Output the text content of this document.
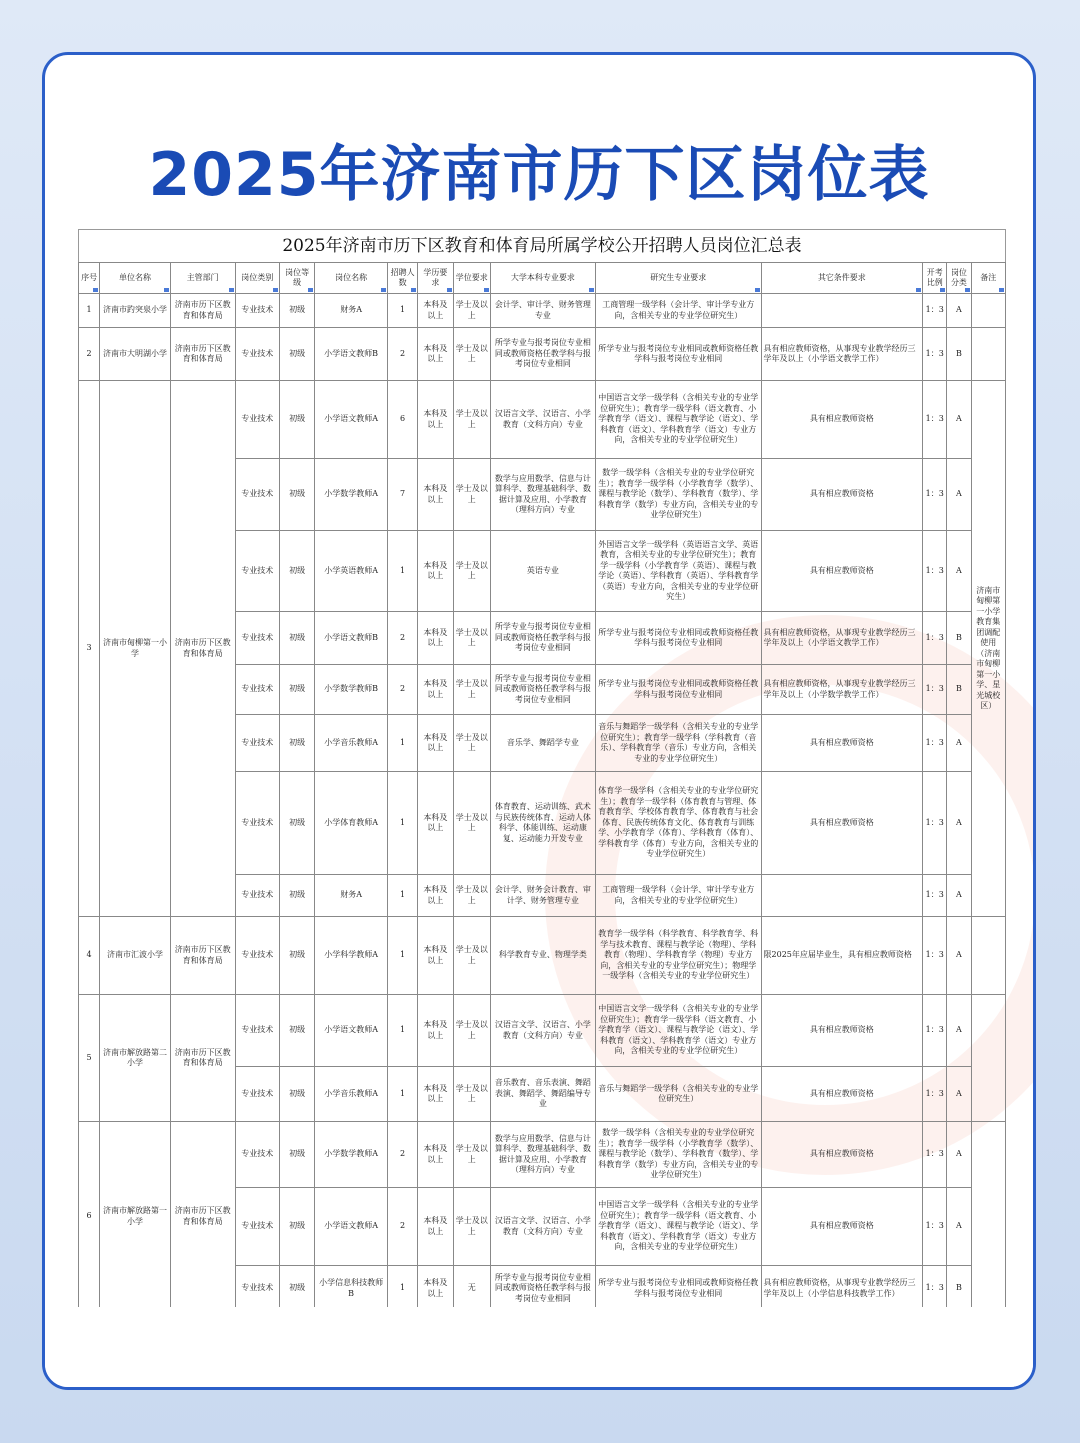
2025年济南市历下区岗位表
2025年济南市历下区教育和体育局所属学校公开招聘人员岗位汇总表
序号	单位名称	主管部门	岗位类别	岗位等级	岗位名称	招聘人数	学历要求	学位要求	大学本科专业要求	研究生专业要求	其它条件要求	开考比例	岗位分类	备注

1	济南市趵突泉小学	济南市历下区教育和体育局	专业技术	初级	财务A	1	本科及以上	学士及以上	会计学、审计学、财务管理专业	工商管理一级学科（会计学、审计学专业方向，含相关专业的专业学位研究生）		1：3	A	
2	济南市大明湖小学	济南市历下区教育和体育局	专业技术	初级	小学语文教师B	2	本科及以上	学士及以上	所学专业与报考岗位专业相同或教师资格任教学科与报考岗位专业相同	所学专业与报考岗位专业相同或教师资格任教学科与报考岗位专业相同	具有相应教师资格，从事现专业教学经历三学年及以上（小学语文教学工作）	1：3	B	
3	济南市甸柳第一小学	济南市历下区教育和体育局	专业技术	初级	小学语文教师A	6	本科及以上	学士及以上	汉语言文学、汉语言、小学教育（文科方向）专业	中国语言文学一级学科（含相关专业的专业学位研究生）；教育学一级学科（语文教育、小学教育学（语文）、课程与教学论（语文）、学科教育（语文）、学科教育学（语文）专业方向，含相关专业的专业学位研究生）	具有相应教师资格	1：3	A	济南市甸柳第一小学教育集团调配使用（济南市甸柳第一小学、星光城校区）
			专业技术	初级	小学数学教师A	7	本科及以上	学士及以上	数学与应用数学、信息与计算科学、数理基础科学、数据计算及应用、小学教育（理科方向）专业	数学一级学科（含相关专业的专业学位研究生）；教育学一级学科（小学教育学（数学）、课程与教学论（数学）、学科教育（数学）、学科教育学（数学）专业方向，含相关专业的专业学位研究生）	具有相应教师资格	1：3	A	
			专业技术	初级	小学英语教师A	1	本科及以上	学士及以上	英语专业	外国语言文学一级学科（英语语言文学、英语教育，含相关专业的专业学位研究生）；教育学一级学科（小学教育学（英语）、课程与教学论（英语）、学科教育（英语）、学科教育学（英语）专业方向，含相关专业的专业学位研究生）	具有相应教师资格	1：3	A	
			专业技术	初级	小学语文教师B	2	本科及以上	学士及以上	所学专业与报考岗位专业相同或教师资格任教学科与报考岗位专业相同	所学专业与报考岗位专业相同或教师资格任教学科与报考岗位专业相同	具有相应教师资格，从事现专业教学经历三学年及以上（小学语文教学工作）	1：3	B	
			专业技术	初级	小学数学教师B	2	本科及以上	学士及以上	所学专业与报考岗位专业相同或教师资格任教学科与报考岗位专业相同	所学专业与报考岗位专业相同或教师资格任教学科与报考岗位专业相同	具有相应教师资格，从事现专业教学经历三学年及以上（小学数学教学工作）	1：3	B	
			专业技术	初级	小学音乐教师A	1	本科及以上	学士及以上	音乐学、舞蹈学专业	音乐与舞蹈学一级学科（含相关专业的专业学位研究生）；教育学一级学科（学科教育（音乐）、学科教育学（音乐）专业方向，含相关专业的专业学位研究生）	具有相应教师资格	1：3	A	
			专业技术	初级	小学体育教师A	1	本科及以上	学士及以上	体育教育、运动训练、武术与民族传统体育、运动人体科学、体能训练、运动康复、运动能力开发专业	体育学一级学科（含相关专业的专业学位研究生）；教育学一级学科（体育教育与管理、体育教育学、学校体育教育学、体育教育与社会体育、民族传统体育文化、体育教育与训练学、小学教育学（体育）、学科教育（体育）、学科教育学（体育）专业方向，含相关专业的专业学位研究生）	具有相应教师资格	1：3	A	
			专业技术	初级	财务A	1	本科及以上	学士及以上	会计学、财务会计教育、审计学、财务管理专业	工商管理一级学科（会计学、审计学专业方向，含相关专业的专业学位研究生）		1：3	A	
4	济南市汇波小学	济南市历下区教育和体育局	专业技术	初级	小学科学教师A	1	本科及以上	学士及以上	科学教育专业、物理学类	教育学一级学科（科学教育、科学教育学、科学与技术教育、课程与教学论（物理）、学科教育（物理）、学科教育学（物理）专业方向，含相关专业的专业学位研究生）；物理学一级学科（含相关专业的专业学位研究生）	限2025年应届毕业生，具有相应教师资格	1：3	A	
5	济南市解放路第二小学	济南市历下区教育和体育局	专业技术	初级	小学语文教师A	1	本科及以上	学士及以上	汉语言文学、汉语言、小学教育（文科方向）专业	中国语言文学一级学科（含相关专业的专业学位研究生）；教育学一级学科（语文教育、小学教育学（语文）、课程与教学论（语文）、学科教育（语文）、学科教育学（语文）专业方向，含相关专业的专业学位研究生）	具有相应教师资格	1：3	A	
			专业技术	初级	小学音乐教师A	1	本科及以上	学士及以上	音乐教育、音乐表演、舞蹈表演、舞蹈学、舞蹈编导专业	音乐与舞蹈学一级学科（含相关专业的专业学位研究生）	具有相应教师资格	1：3	A	
6	济南市解放路第一小学	济南市历下区教育和体育局	专业技术	初级	小学数学教师A	2	本科及以上	学士及以上	数学与应用数学、信息与计算科学、数理基础科学、数据计算及应用、小学教育（理科方向）专业	数学一级学科（含相关专业的专业学位研究生）；教育学一级学科（小学教育学（数学）、课程与教学论（数学）、学科教育（数学）、学科教育学（数学）专业方向，含相关专业的专业学位研究生）	具有相应教师资格	1：3	A	
			专业技术	初级	小学语文教师A	2	本科及以上	学士及以上	汉语言文学、汉语言、小学教育（文科方向）专业	中国语言文学一级学科（含相关专业的专业学位研究生）；教育学一级学科（语文教育、小学教育学（语文）、课程与教学论（语文）、学科教育（语文）、学科教育学（语文）专业方向，含相关专业的专业学位研究生）	具有相应教师资格	1：3	A	
			专业技术	初级	小学信息科技教师B	1	本科及以上	无	所学专业与报考岗位专业相同或教师资格任教学科与报考岗位专业相同	所学专业与报考岗位专业相同或教师资格任教学科与报考岗位专业相同	具有相应教师资格，从事现专业教学经历三学年及以上（小学信息科技教学工作）	1：3	B	
